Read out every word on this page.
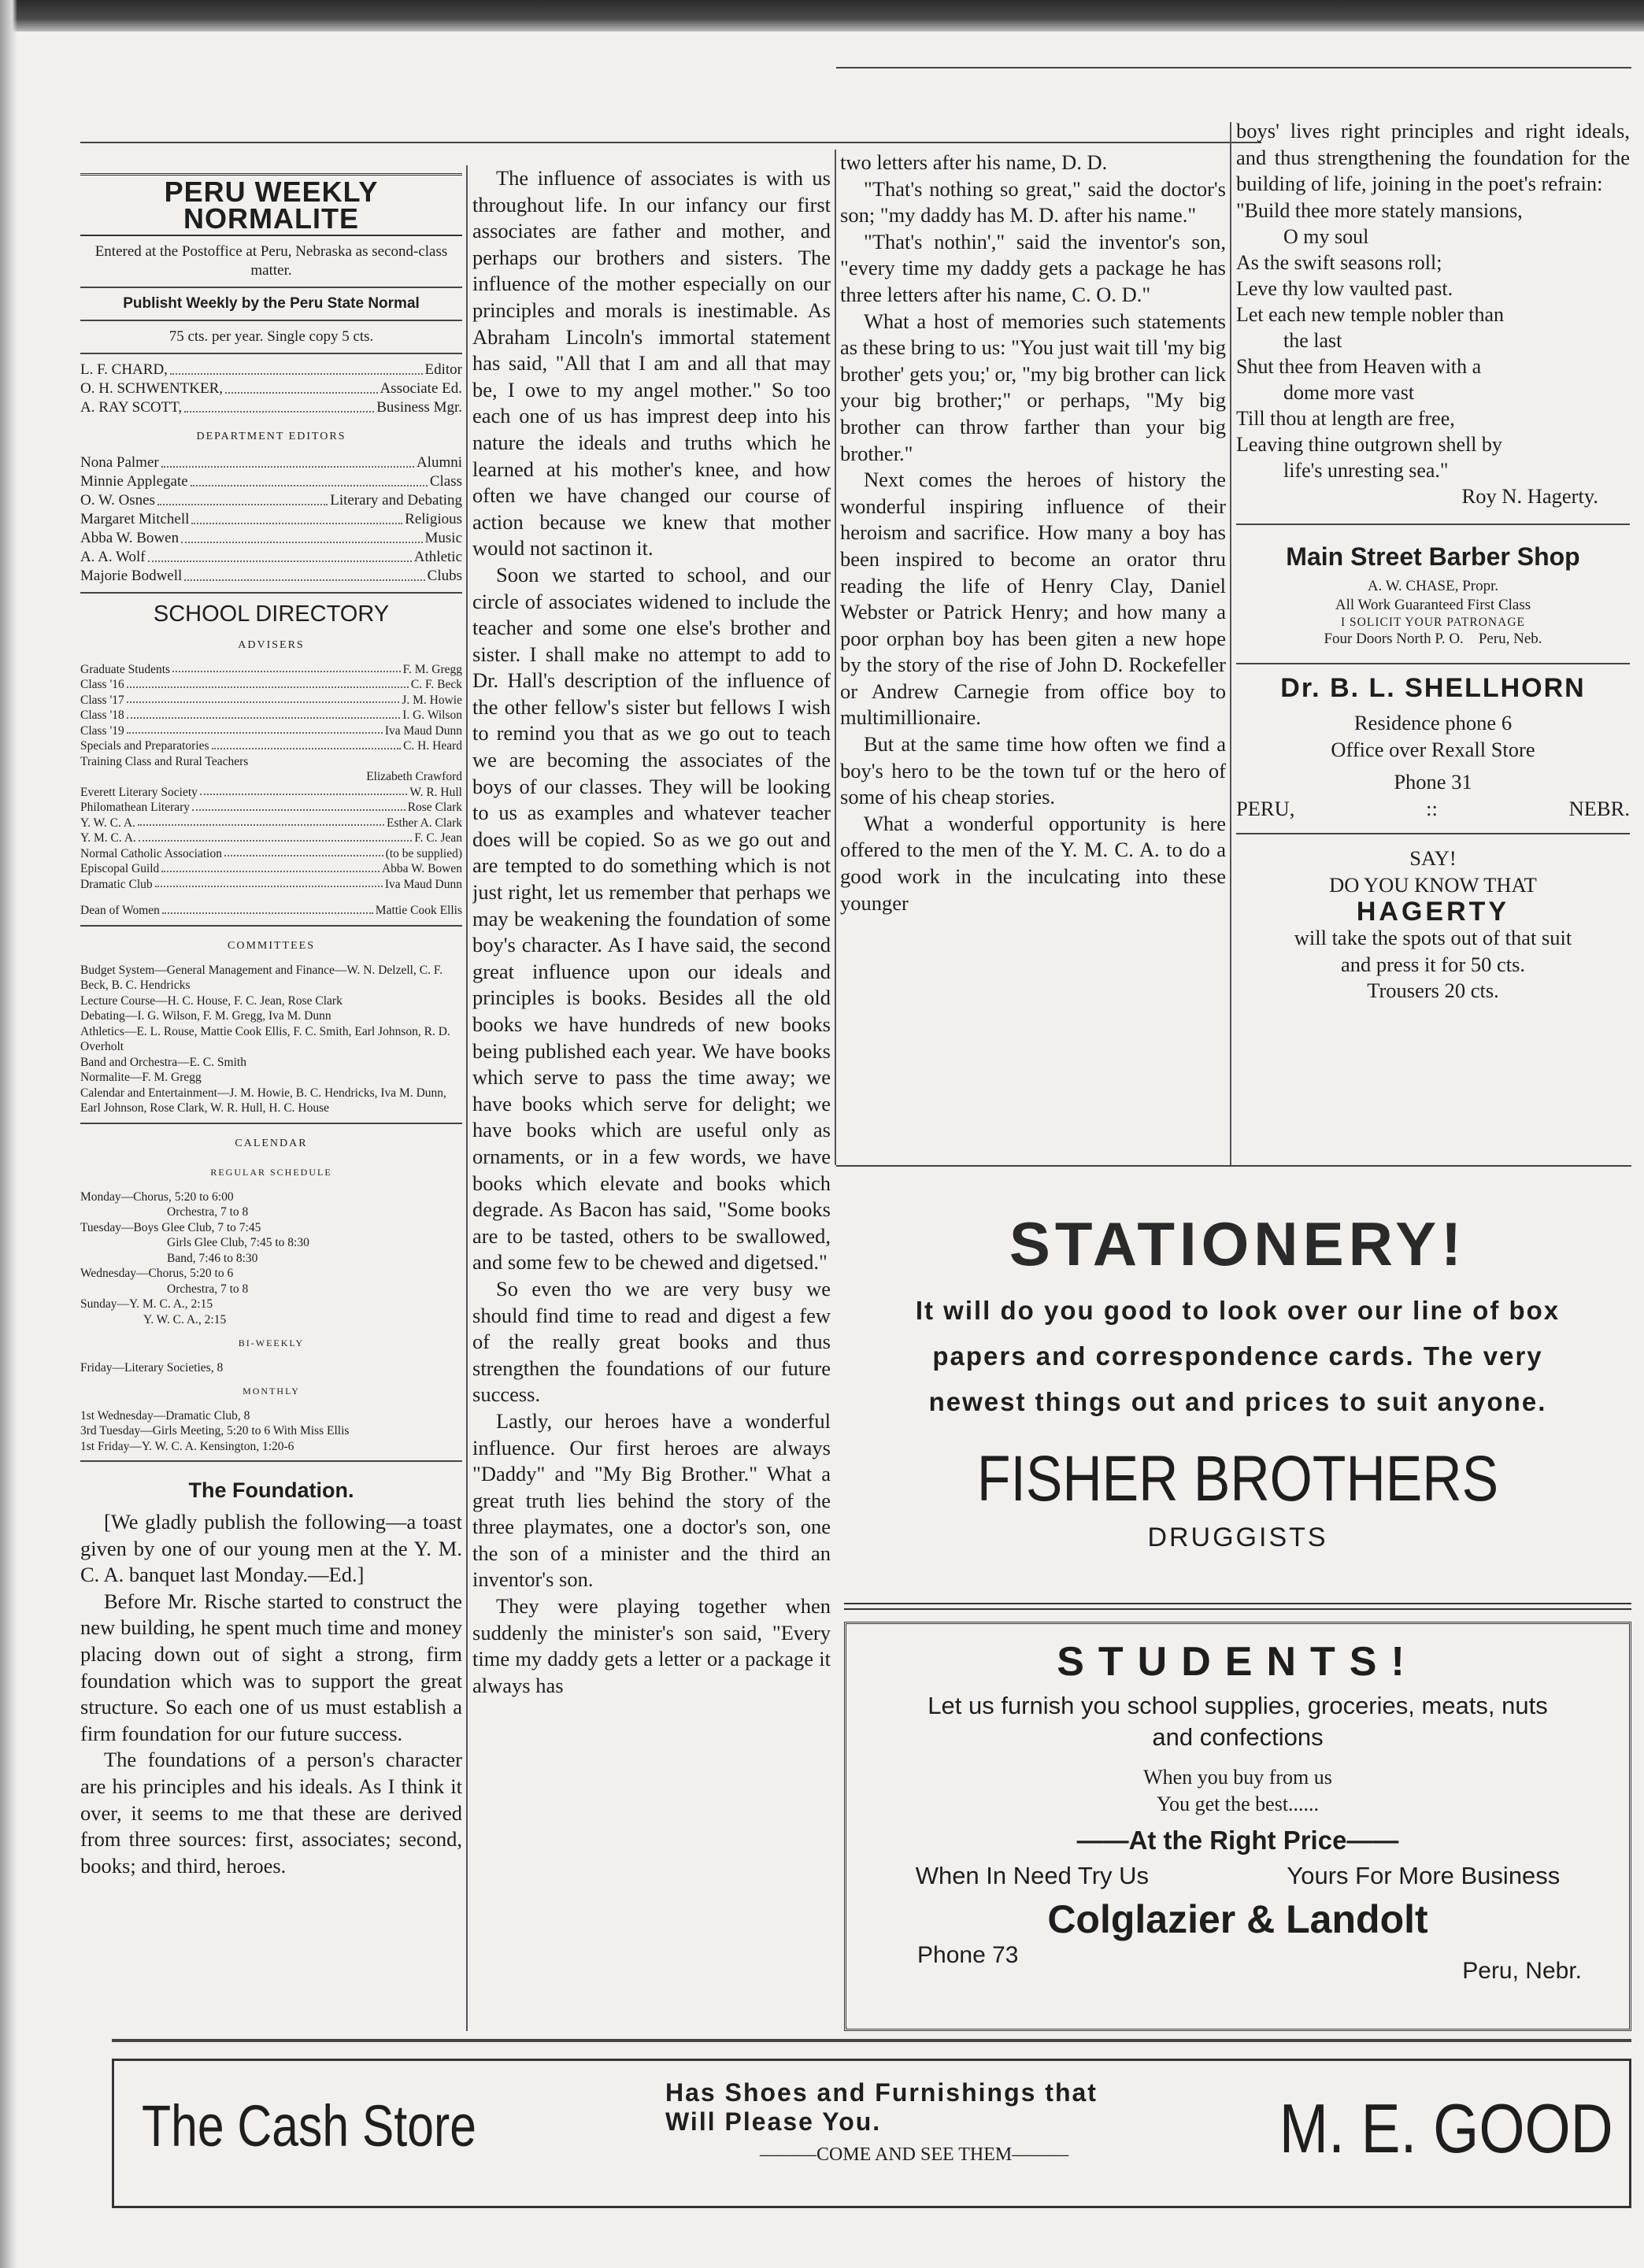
PERU WEEKLY NORMALITE
Entered at the Postoffice at Peru, Nebraska as second-class matter.
Publisht Weekly by the Peru State Normal
75 cts. per year. Single copy 5 cts.
L. F. CHARD,	Editor
O. H. SCHWENTKER,	Associate Ed.
A. RAY SCOTT,	Business Mgr.
DEPARTMENT EDITORS
Nona Palmer	Alumni
Minnie Applegate	Class
O. W. Osnes	Literary and Debating
Margaret Mitchell	Religious
Abba W. Bowen	Music
A. A. Wolf	Athletic
Majorie Bodwell	Clubs
SCHOOL DIRECTORY
ADVISERS
Graduate Students	F. M. Gregg
Class '16	C. F. Beck
Class '17	J. M. Howie
Class '18	I. G. Wilson
Class '19	Iva Maud Dunn
Specials and Preparatories	C. H. Heard
Training Class and Rural Teachers
Elizabeth Crawford
Everett Literary Society	W. R. Hull
Philomathean Literary	Rose Clark
Y. W. C. A.	Esther A. Clark
Y. M. C. A.	F. C. Jean
Normal Catholic Association	(to be supplied)
Episcopal Guild	Abba W. Bowen
Dramatic Club	Iva Maud Dunn
Dean of Women	Mattie Cook Ellis
COMMITTEES
Budget System—General Management and Finance—W. N. Delzell, C. F. Beck, B. C. Hendricks
Lecture Course—H. C. House, F. C. Jean, Rose Clark
Debating—I. G. Wilson, F. M. Gregg, Iva M. Dunn
Athletics—E. L. Rouse, Mattie Cook Ellis, F. C. Smith, Earl Johnson, R. D. Overholt
Band and Orchestra—E. C. Smith
Normalite—F. M. Gregg
Calendar and Entertainment—J. M. Howie, B. C. Hendricks, Iva M. Dunn, Earl Johnson, Rose Clark, W. R. Hull, H. C. House
CALENDAR
REGULAR SCHEDULE
Monday—Chorus, 5:20 to 6:00
Orchestra, 7 to 8
Tuesday—Boys Glee Club, 7 to 7:45
Girls Glee Club, 7:45 to 8:30
Band, 7:46 to 8:30
Wednesday—Chorus, 5:20 to 6
Orchestra, 7 to 8
Sunday—Y. M. C. A., 2:15
Y. W. C. A., 2:15
BI-WEEKLY
Friday—Literary Societies, 8
MONTHLY
1st Wednesday—Dramatic Club, 8
3rd Tuesday—Girls Meeting, 5:20 to 6 With Miss Ellis
1st Friday—Y. W. C. A. Kensington, 1:20-6
The Foundation.

[We gladly publish the following—a toast given by one of our young men at the Y. M. C. A. banquet last Monday.—Ed.]

Before Mr. Rische started to construct the new building, he spent much time and money placing down out of sight a strong, firm foundation which was to support the great structure. So each one of us must establish a firm foundation for our future success.

The foundations of a person's character are his principles and his ideals. As I think it over, it seems to me that these are derived from three sources: first, associates; second, books; and third, heroes.

The influence of associates is with us throughout life. In our infancy our first associates are father and mother, and perhaps our brothers and sisters. The influence of the mother especially on our principles and morals is inestimable. As Abraham Lincoln's immortal statement has said, "All that I am and all that may be, I owe to my angel mother." So too each one of us has imprest deep into his nature the ideals and truths which he learned at his mother's knee, and how often we have changed our course of action because we knew that mother would not sactinon it.

Soon we started to school, and our circle of associates widened to include the teacher and some one else's brother and sister. I shall make no attempt to add to Dr. Hall's description of the influence of the other fellow's sister but fellows I wish to remind you that as we go out to teach we are becoming the associates of the boys of our classes. They will be looking to us as examples and whatever teacher does will be copied. So as we go out and are tempted to do something which is not just right, let us remember that perhaps we may be weakening the foundation of some boy's character. As I have said, the second great influence upon our ideals and principles is books. Besides all the old books we have hundreds of new books being published each year. We have books which serve to pass the time away; we have books which serve for delight; we have books which are useful only as ornaments, or in a few words, we have books which elevate and books which degrade. As Bacon has said, "Some books are to be tasted, others to be swallowed, and some few to be chewed and digetsed."

So even tho we are very busy we should find time to read and digest a few of the really great books and thus strengthen the foundations of our future success.

Lastly, our heroes have a wonderful influence. Our first heroes are always "Daddy" and "My Big Brother." What a great truth lies behind the story of the three playmates, one a doctor's son, one the son of a minister and the third an inventor's son.

They were playing together when suddenly the minister's son said, "Every time my daddy gets a letter or a package it always has

two letters after his name, D. D.

"That's nothing so great," said the doctor's son; "my daddy has M. D. after his name."

"That's nothin'," said the inventor's son, "every time my daddy gets a package he has three letters after his name, C. O. D."

What a host of memories such statements as these bring to us: "You just wait till 'my big brother' gets you;' or, "my big brother can lick your big brother;" or perhaps, "My big brother can throw farther than your big brother."

Next comes the heroes of history the wonderful inspiring influence of their heroism and sacrifice. How many a boy has been inspired to become an orator thru reading the life of Henry Clay, Daniel Webster or Patrick Henry; and how many a poor orphan boy has been giten a new hope by the story of the rise of John D. Rockefeller or Andrew Carnegie from office boy to multimillionaire.

But at the same time how often we find a boy's hero to be the town tuf or the hero of some of his cheap stories.

What a wonderful opportunity is here offered to the men of the Y. M. C. A. to do a good work in the inculcating into these younger

boys' lives right principles and right ideals, and thus strengthening the foundation for the building of life, joining in the poet's refrain:

"Build thee more stately mansions,
O my soul
As the swift seasons roll;
Leve thy low vaulted past.
Let each new temple nobler than
the last
Shut thee from Heaven with a
dome more vast
Till thou at length are free,
Leaving thine outgrown shell by
life's unresting sea."
Roy N. Hagerty.
Main Street Barber Shop
A. W. CHASE, Propr.
All Work Guaranteed First Class
I SOLICIT YOUR PATRONAGE
Four Doors North P. O. Peru, Neb.
Dr. B. L. SHELLHORN
Residence phone 6
Office over Rexall Store
Phone 31
PERU,	::	NEBR.
SAY!
DO YOU KNOW THAT
HAGERTY
will take the spots out of that suit
and press it for 50 cts.
Trousers 20 cts.
STATIONERY!
It will do you good to look over our line of box
papers and correspondence cards. The very
newest things out and prices to suit anyone.
FISHER BROTHERS
DRUGGISTS
STUDENTS!
Let us furnish you school supplies, groceries, meats, nuts
and confections
When you buy from us
You get the best......
——At the Right Price——
When In Need Try Us	Yours For More Business
Colglazier & Landolt
Phone 73
Peru, Nebr.
The Cash Store
Has Shoes and Furnishings that
Will Please You.
———COME AND SEE THEM———	M. E. GOOD
